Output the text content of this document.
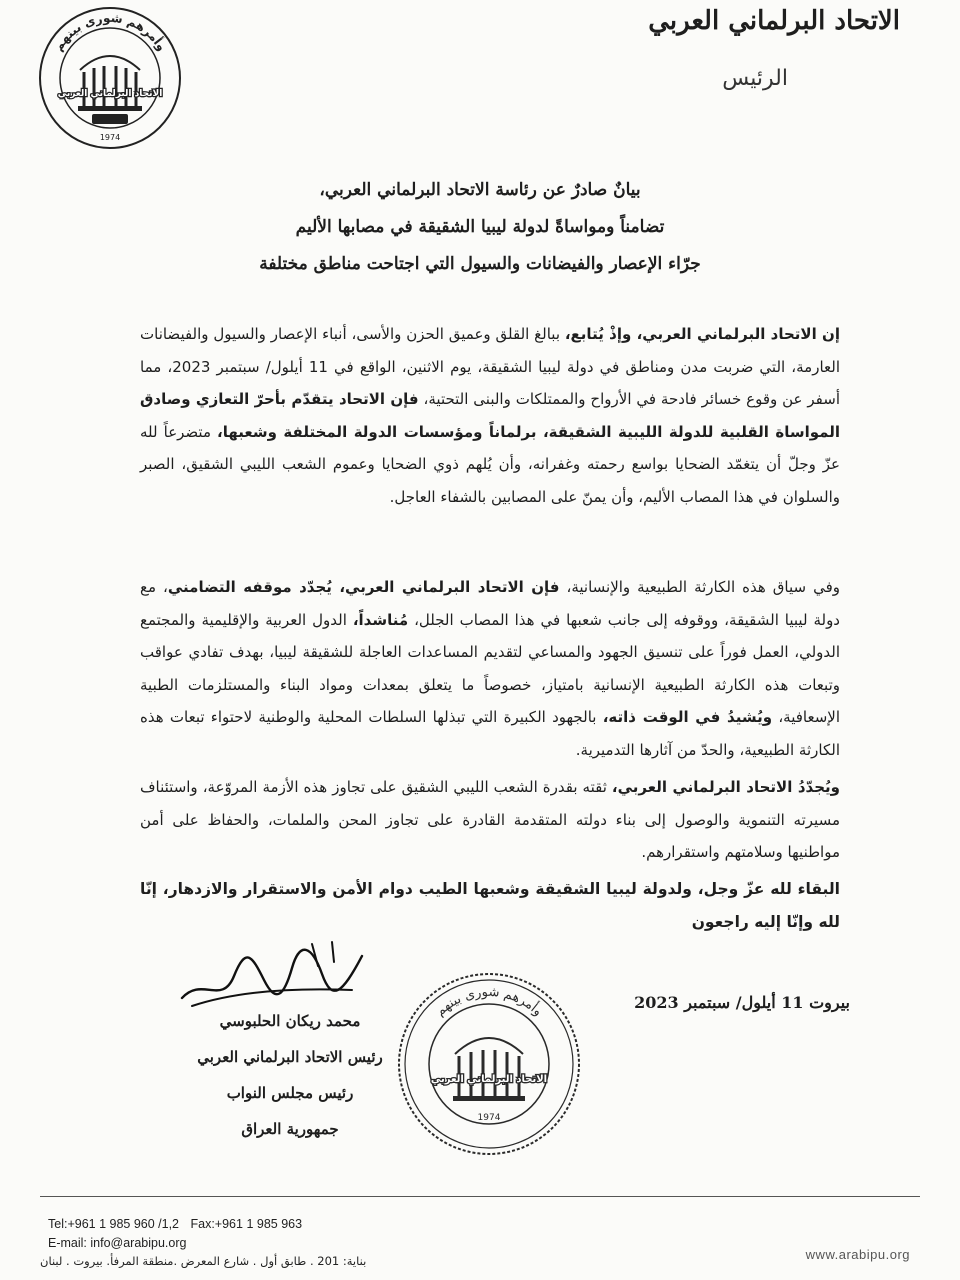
الاتحاد البرلماني العربي
الرئيس
وأمرهم شورى بينهم
الاتحاد البرلماني العربي
1974
بيانٌ صادرٌ عن رئاسة الاتحاد البرلماني العربي،
تضامناً ومواساةً لدولة ليبيا الشقيقة في مصابها الأليم
جرّاء الإعصار والفيضانات والسيول التي اجتاحت مناطق مختلفة
إن الاتحاد البرلماني العربي، وإذْ يُتابع، ببالغ القلق وعميق الحزن والأسى، أنباء الإعصار والسيول والفيضانات العارمة، التي ضربت مدن ومناطق في دولة ليبيا الشقيقة، يوم الاثنين، الواقع في 11 أيلول/ سبتمبر 2023، مما أسفر عن وقوع خسائر فادحة في الأرواح والممتلكات والبنى التحتية، فإن الاتحاد يتقدّم بأحرّ التعازي وصادق المواساة القلبية للدولة الليبية الشقيقة، برلماناً ومؤسسات الدولة المختلفة وشعبها، متضرعاً لله عزّ وجلّ أن يتغمّد الضحايا بواسع رحمته وغفرانه، وأن يُلهم ذوي الضحايا وعموم الشعب الليبي الشقيق، الصبر والسلوان في هذا المصاب الأليم، وأن يمنّ على المصابين بالشفاء العاجل.
وفي سياق هذه الكارثة الطبيعية والإنسانية، فإن الاتحاد البرلماني العربي، يُجدّد موقفه التضامني، مع دولة ليبيا الشقيقة، ووقوفه إلى جانب شعبها في هذا المصاب الجلل، مُناشداً، الدول العربية والإقليمية والمجتمع الدولي، العمل فوراً على تنسيق الجهود والمساعي لتقديم المساعدات العاجلة للشقيقة ليبيا، بهدف تفادي عواقب وتبعات هذه الكارثة الطبيعية الإنسانية بامتياز، خصوصاً ما يتعلق بمعدات ومواد البناء والمستلزمات الطبية الإسعافية، ويُشيدُ في الوقت ذاته، بالجهود الكبيرة التي تبذلها السلطات المحلية والوطنية لاحتواء تبعات هذه الكارثة الطبيعية، والحدّ من آثارها التدميرية.
ويُجدّدُ الاتحاد البرلماني العربي، ثقته بقدرة الشعب الليبي الشقيق على تجاوز هذه الأزمة المروّعة، واستئناف مسيرته التنموية والوصول إلى بناء دولته المتقدمة القادرة على تجاوز المحن والملمات، والحفاظ على أمن مواطنيها وسلامتهم واستقرارهم.
البقاء لله عزّ وجل، ولدولة ليبيا الشقيقة وشعبها الطيب دوام الأمن والاستقرار والازدهار، إنّا لله وإنّا إليه راجعون
محمد ريكان الحلبوسي
رئيس الاتحاد البرلماني العربي
رئيس مجلس النواب
جمهورية العراق
وأمرهم شورى بينهم
الاتحاد البرلماني العربي
1974
بيروت 11 أيلول/ سبتمبر 2023
Tel:+961 1 985 960 /1,2 Fax:+961 1 985 963
E-mail: info@arabipu.org
بناية: 201 . طابق أول . شارع المعرض .منطقة المرفأ. بيروت . لبنان	www.arabipu.org
